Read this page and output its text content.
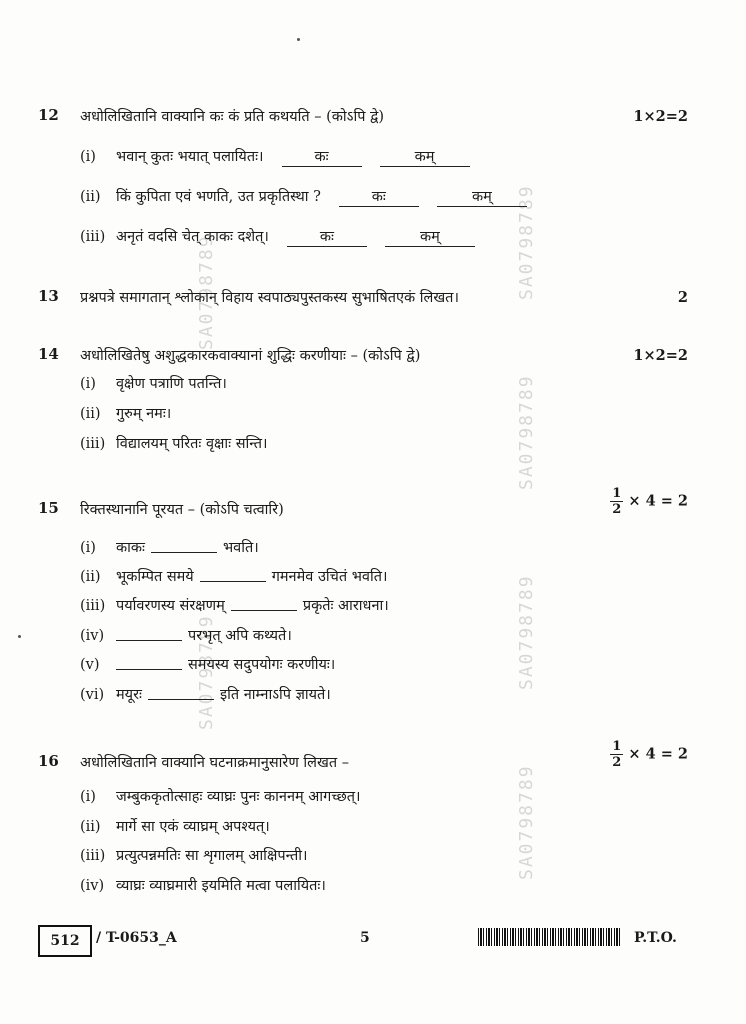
SA0798789
SA0798789
SA0798789
SA0798789
SA0798789
SA0798789
12 अधोलिखितानि वाक्यानि कः कं प्रति कथयति – (कोऽपि द्वे)	1×2=2
(i) भवान् कुतः भयात् पलायितः।	कः	कम्
(ii) किं कुपिता एवं भणति, उत प्रकृतिस्था ?	कः	कम्
(iii) अनृतं वदसि चेत् काकः दशेत्।	कः	कम्
13 प्रश्नपत्रे समागतान् श्लोकान् विहाय स्वपाठ्यपुस्तकस्य सुभाषितएकं लिखत।	2
14 अधोलिखितेषु अशुद्धकारकवाक्यानां शुद्धिः करणीयाः – (कोऽपि द्वे)	1×2=2
(i) वृक्षेण पत्राणि पतन्ति।
(ii) गुरुम् नमः।
(iii) विद्यालयम् परितः वृक्षाः सन्ति।
15 रिक्तस्थानानि पूरयत – (कोऽपि चत्वारि)	$\frac{1}{2} \times 4 = 2$
(i) काकः	भवति।
(ii) भूकम्पित समये	गमनमेव उचितं भवति।
(iii) पर्यावरणस्य संरक्षणम्	प्रकृतेः आराधना।
(iv)	परभृत् अपि कथ्यते।
(v)	समयस्य सदुपयोगः करणीयः।
(vi) मयूरः	इति नाम्नाऽपि ज्ञायते।
16 अधोलिखितानि वाक्यानि घटनाक्रमानुसारेण लिखत –	$\frac{1}{2} \times 4 = 2$
(i) जम्बुककृतोत्साहः व्याघ्रः पुनः काननम् आगच्छत्।
(ii) मार्गे सा एकं व्याघ्रम् अपश्यत्।
(iii) प्रत्युत्पन्नमतिः सा शृगालम् आक्षिपन्ती।
(iv) व्याघ्रः व्याघ्रमारी इयमिति मत्वा पलायितः।
512	/ T-0653_A	5	P.T.O.
